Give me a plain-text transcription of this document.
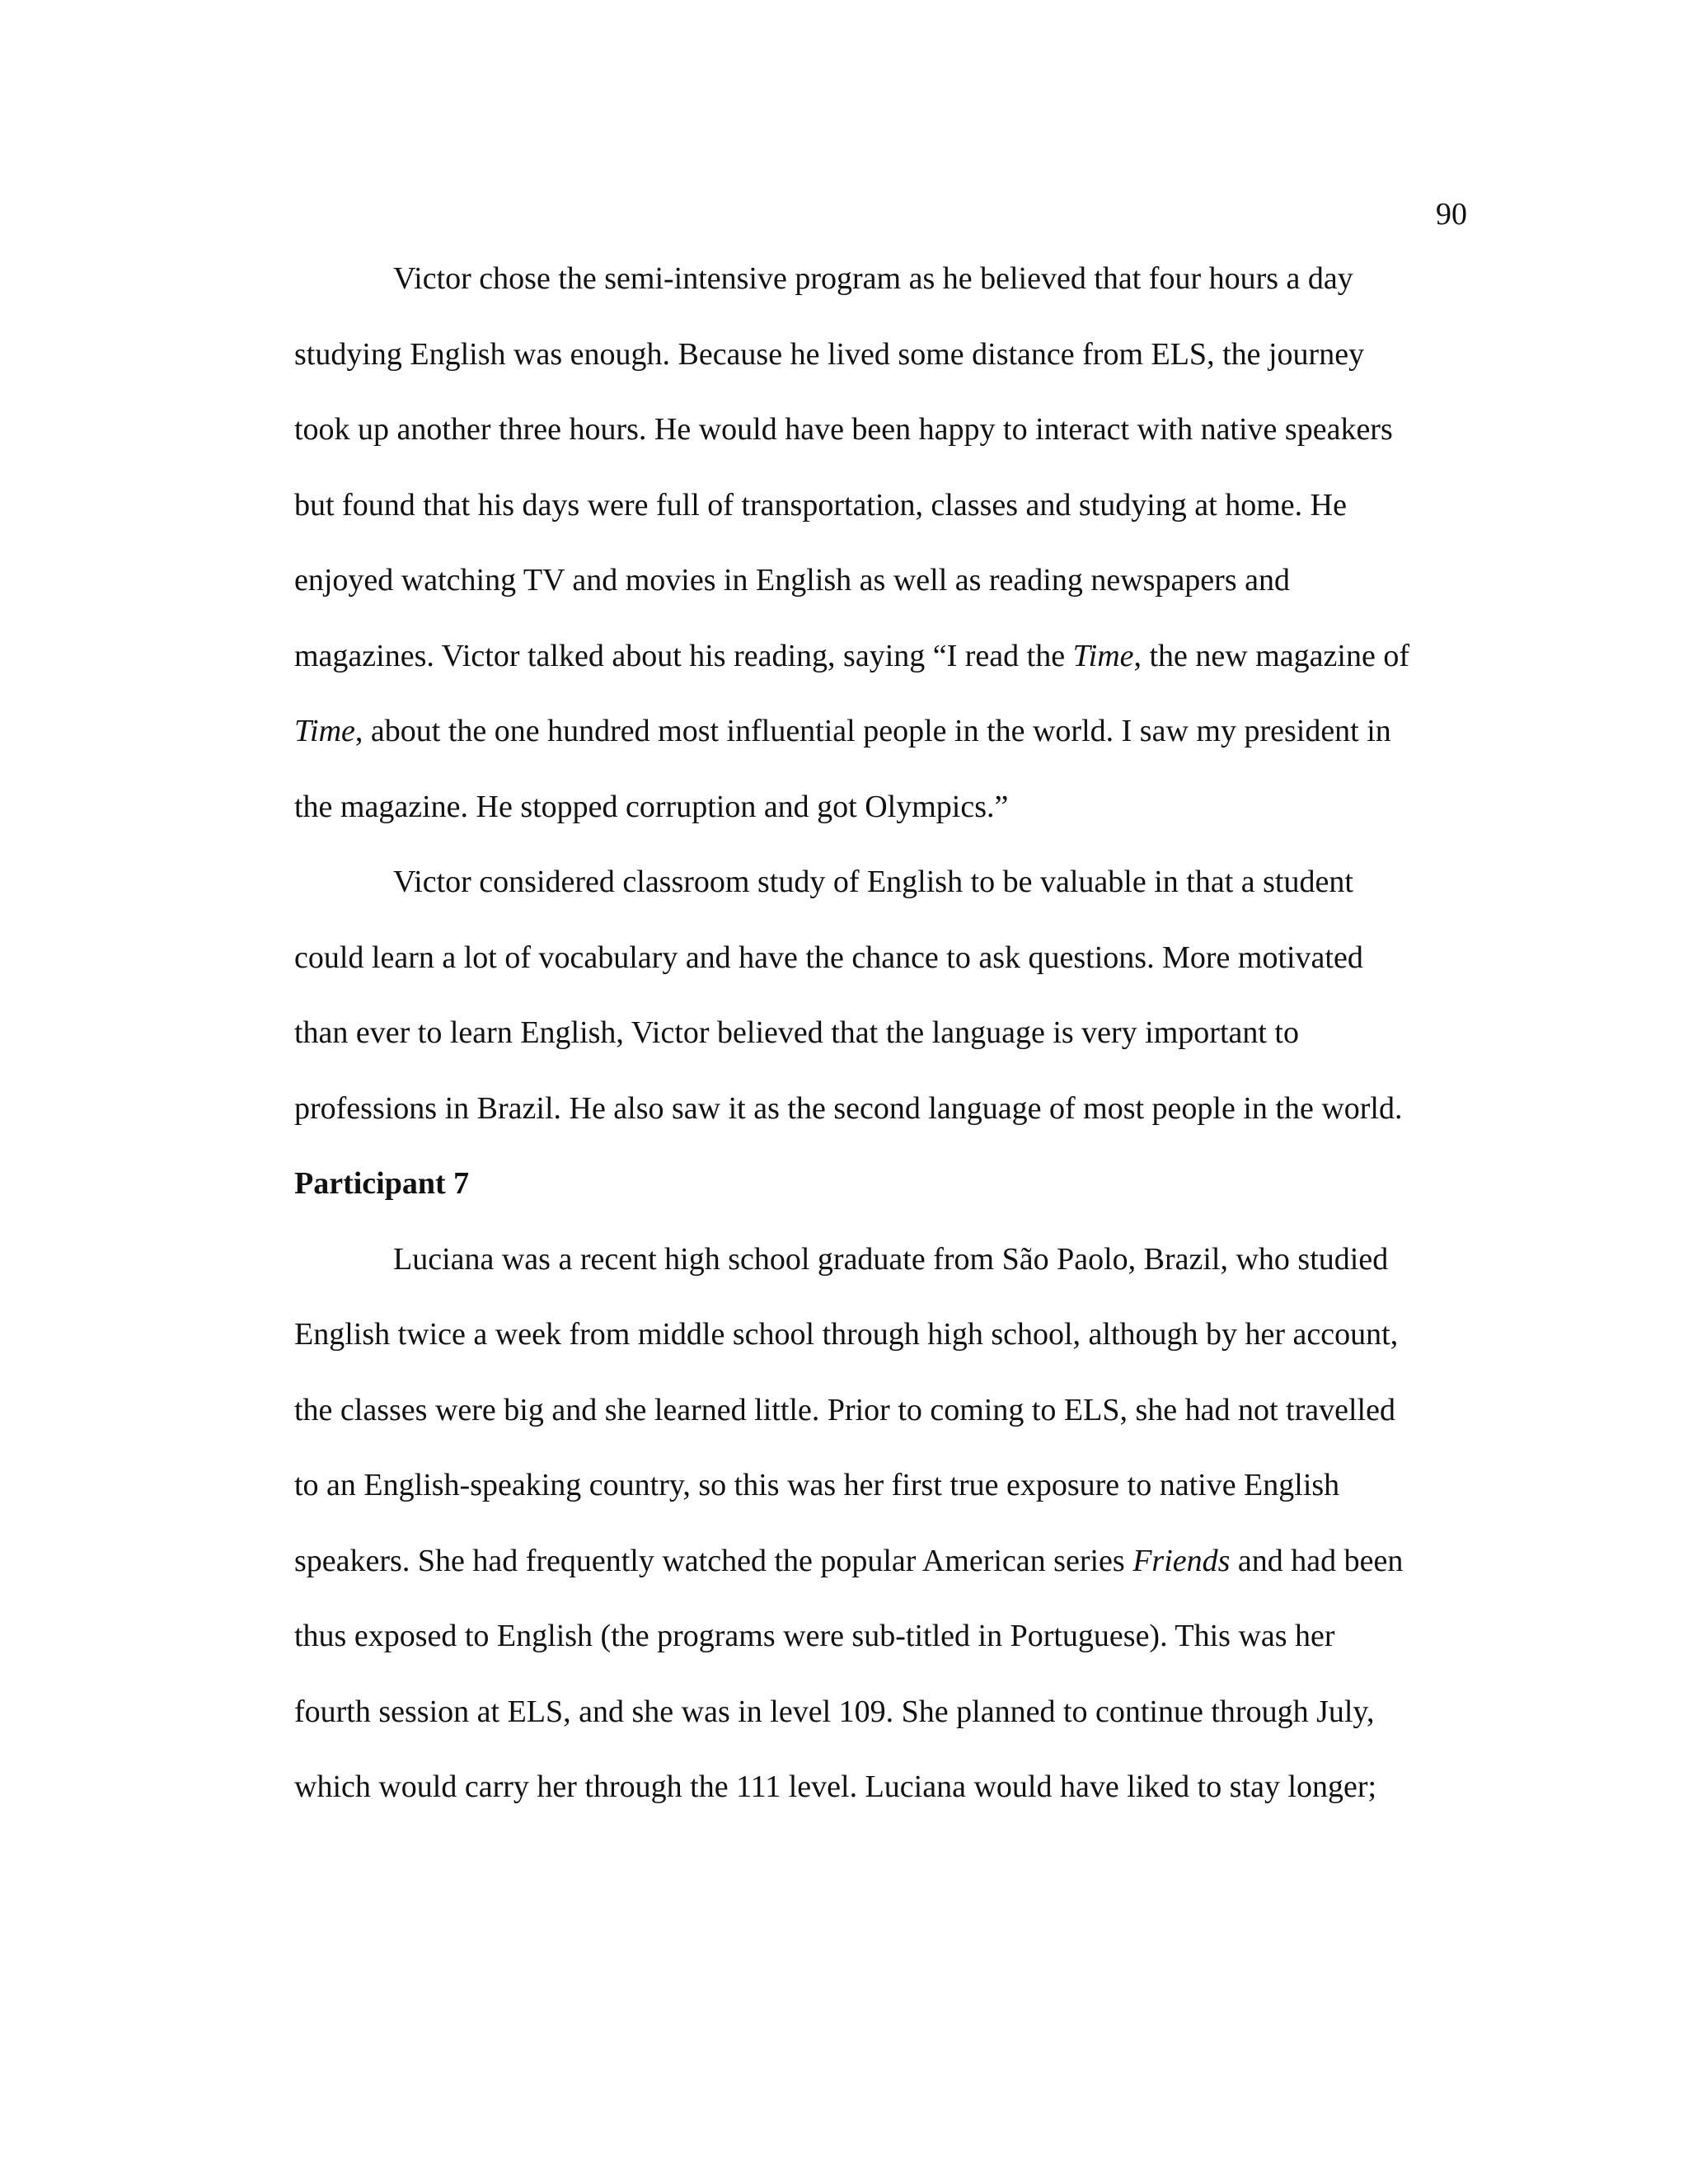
90
Victor chose the semi-intensive program as he believed that four hours a day
studying English was enough. Because he lived some distance from ELS, the journey
took up another three hours. He would have been happy to interact with native speakers
but found that his days were full of transportation, classes and studying at home. He
enjoyed watching TV and movies in English as well as reading newspapers and
magazines. Victor talked about his reading, saying “I read the Time, the new magazine of
Time, about the one hundred most influential people in the world. I saw my president in
the magazine. He stopped corruption and got Olympics.”
Victor considered classroom study of English to be valuable in that a student
could learn a lot of vocabulary and have the chance to ask questions. More motivated
than ever to learn English, Victor believed that the language is very important to
professions in Brazil. He also saw it as the second language of most people in the world.
Participant 7
Luciana was a recent high school graduate from São Paolo, Brazil, who studied
English twice a week from middle school through high school, although by her account,
the classes were big and she learned little. Prior to coming to ELS, she had not travelled
to an English-speaking country, so this was her first true exposure to native English
speakers. She had frequently watched the popular American series Friends and had been
thus exposed to English (the programs were sub-titled in Portuguese). This was her
fourth session at ELS, and she was in level 109. She planned to continue through July,
which would carry her through the 111 level. Luciana would have liked to stay longer;
